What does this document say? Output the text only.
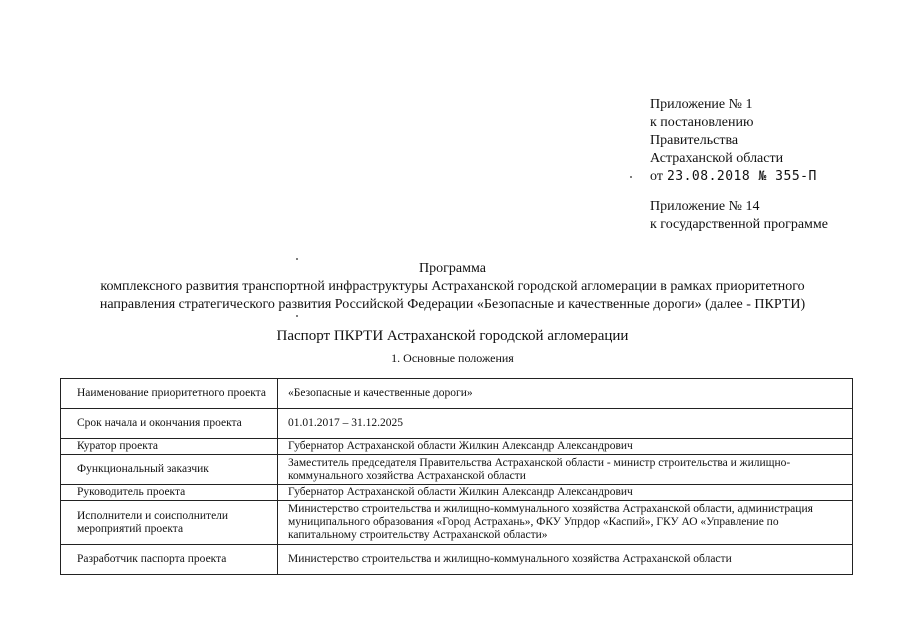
Приложение № 1
к постановлению
Правительства
Астраханской области
от 23.08.2018 № 355-П
Приложение № 14
к государственной программе
Программа
комплексного развития транспортной инфраструктуры Астраханской городской агломерации в рамках приоритетного
направления стратегического развития Российской Федерации «Безопасные и качественные дороги» (далее - ПКРТИ)
Паспорт ПКРТИ Астраханской городской агломерации
1. Основные положения
Наименование приоритетного проекта	«Безопасные и качественные дороги»
Срок начала и окончания проекта	01.01.2017 – 31.12.2025
Куратор проекта	Губернатор Астраханской области Жилкин Александр Александрович
Функциональный заказчик	Заместитель председателя Правительства Астраханской области - министр строительства и жилищно-коммунального хозяйства Астраханской области
Руководитель проекта	Губернатор Астраханской области Жилкин Александр Александрович
Исполнители и соисполнители мероприятий проекта	Министерство строительства и жилищно-коммунального хозяйства Астраханской области, администрация муниципального образования «Город Астрахань», ФКУ Упрдор «Каспий», ГКУ АО «Управление по капитальному строительству Астраханской области»
Разработчик паспорта проекта	Министерство строительства и жилищно-коммунального хозяйства Астраханской области
